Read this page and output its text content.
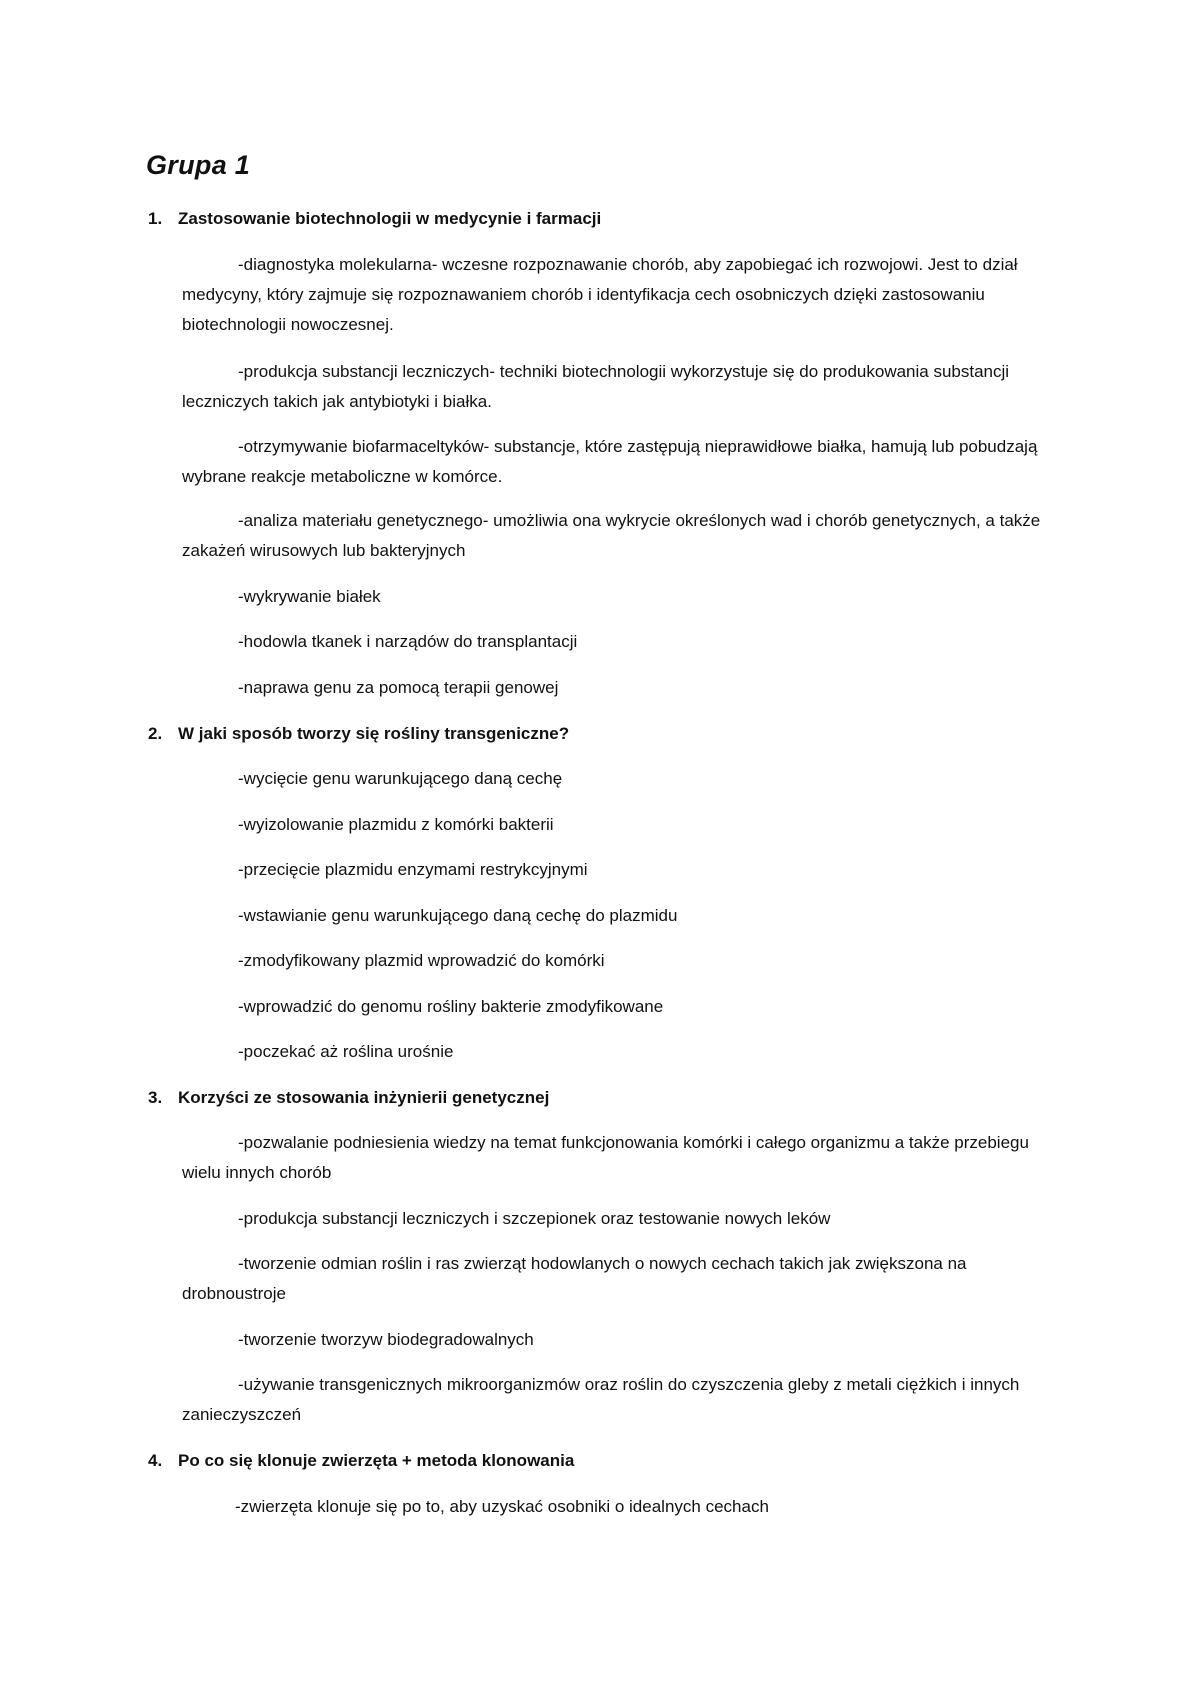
Grupa 1
1. Zastosowanie biotechnologii w medycynie i farmacji

-diagnostyka molekularna- wczesne rozpoznawanie chorób, aby zapobiegać ich rozwojowi. Jest to dział medycyny, który zajmuje się rozpoznawaniem chorób i identyfikacja cech osobniczych dzięki zastosowaniu biotechnologii nowoczesnej.

-produkcja substancji leczniczych- techniki biotechnologii wykorzystuje się do produkowania substancji leczniczych takich jak antybiotyki i białka.

-otrzymywanie biofarmaceltyków- substancje, które zastępują nieprawidłowe białka, hamują lub pobudzają wybrane reakcje metaboliczne w komórce.

-analiza materiału genetycznego- umożliwia ona wykrycie określonych wad i chorób genetycznych, a także zakażeń wirusowych lub bakteryjnych

-wykrywanie białek

-hodowla tkanek i narządów do transplantacji

-naprawa genu za pomocą terapii genowej

2. W jaki sposób tworzy się rośliny transgeniczne?

-wycięcie genu warunkującego daną cechę

-wyizolowanie plazmidu z komórki bakterii

-przecięcie plazmidu enzymami restrykcyjnymi

-wstawianie genu warunkującego daną cechę do plazmidu

-zmodyfikowany plazmid wprowadzić do komórki

-wprowadzić do genomu rośliny bakterie zmodyfikowane

-poczekać aż roślina urośnie

3. Korzyści ze stosowania inżynierii genetycznej

-pozwalanie podniesienia wiedzy na temat funkcjonowania komórki i całego organizmu a także przebiegu wielu innych chorób

-produkcja substancji leczniczych i szczepionek oraz testowanie nowych leków

-tworzenie odmian roślin i ras zwierząt hodowlanych o nowych cechach takich jak zwiększona na drobnoustroje

-tworzenie tworzyw biodegradowalnych

-używanie transgenicznych mikroorganizmów oraz roślin do czyszczenia gleby z metali ciężkich i innych zanieczyszczeń

4. Po co się klonuje zwierzęta + metoda klonowania

-zwierzęta klonuje się po to, aby uzyskać osobniki o idealnych cechach
